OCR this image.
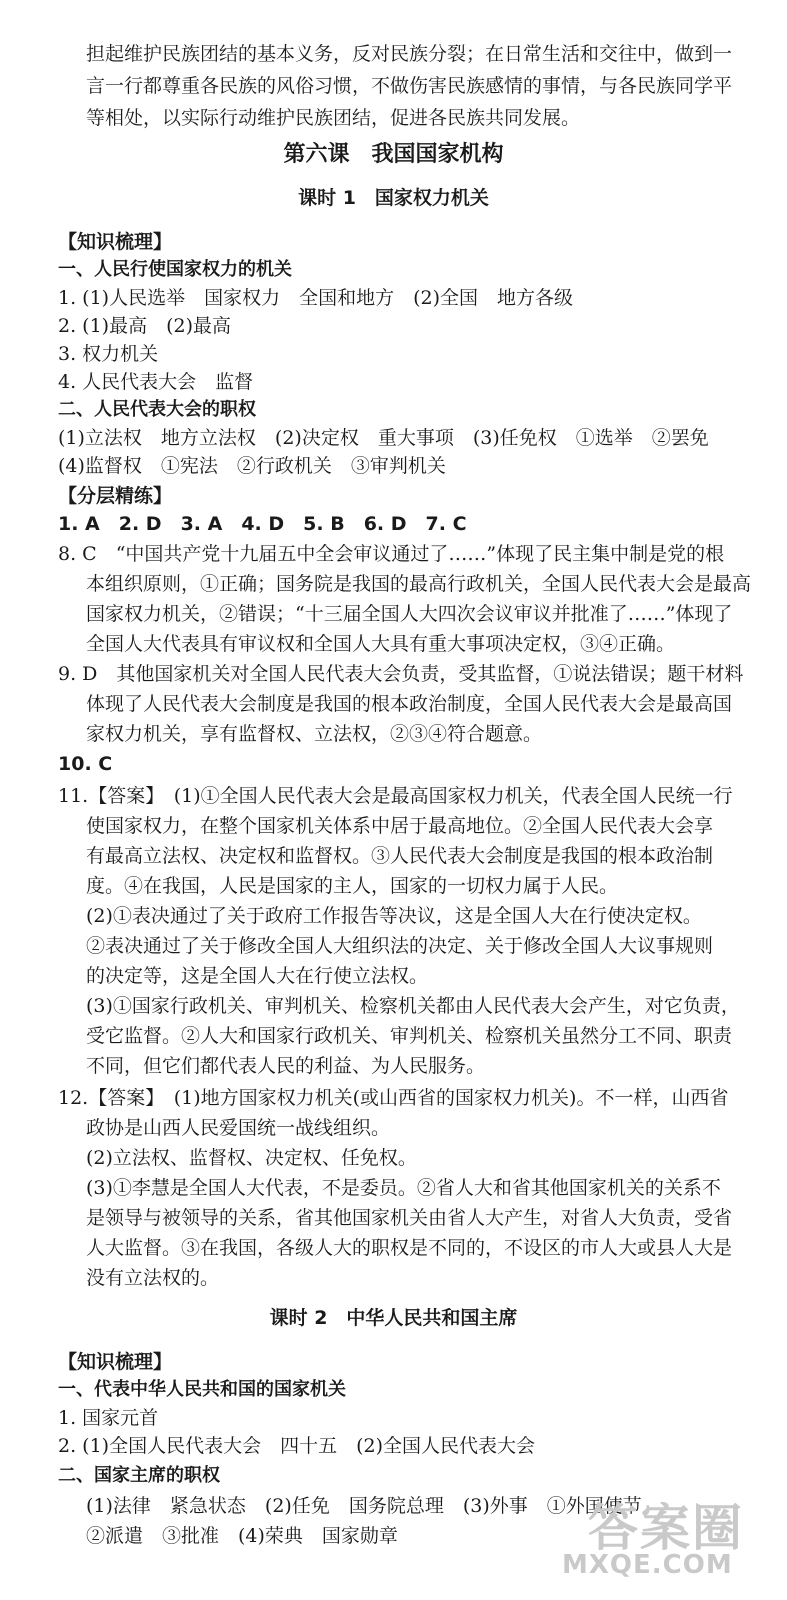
担起维护民族团结的基本义务，反对民族分裂；在日常生活和交往中，做到一
言一行都尊重各民族的风俗习惯，不做伤害民族感情的事情，与各民族同学平
等相处，以实际行动维护民族团结，促进各民族共同发展。
第六课　我国国家机构
课时 1　国家权力机关
【知识梳理】
一、人民行使国家权力的机关
1. (1)人民选举　国家权力　全国和地方　(2)全国　地方各级
2. (1)最高　(2)最高
3. 权力机关
4. 人民代表大会　监督
二、人民代表大会的职权
(1)立法权　地方立法权　(2)决定权　重大事项　(3)任免权　①选举　②罢免
(4)监督权　①宪法　②行政机关　③审判机关
【分层精练】
1. A　2. D　3. A　4. D　5. B　6. D　7. C
8. C　“中国共产党十九届五中全会审议通过了……”体现了民主集中制是党的根
本组织原则，①正确；国务院是我国的最高行政机关，全国人民代表大会是最高
国家权力机关，②错误；“十三届全国人大四次会议审议并批准了……”体现了
全国人大代表具有审议权和全国人大具有重大事项决定权，③④正确。
9. D　其他国家机关对全国人民代表大会负责，受其监督，①说法错误；题干材料
体现了人民代表大会制度是我国的根本政治制度，全国人民代表大会是最高国
家权力机关，享有监督权、立法权，②③④符合题意。
10. C
11.【答案】　(1)①全国人民代表大会是最高国家权力机关，代表全国人民统一行
使国家权力，在整个国家机关体系中居于最高地位。②全国人民代表大会享
有最高立法权、决定权和监督权。③人民代表大会制度是我国的根本政治制
度。④在我国，人民是国家的主人，国家的一切权力属于人民。
(2)①表决通过了关于政府工作报告等决议，这是全国人大在行使决定权。
②表决通过了关于修改全国人大组织法的决定、关于修改全国人大议事规则
的决定等，这是全国人大在行使立法权。
(3)①国家行政机关、审判机关、检察机关都由人民代表大会产生，对它负责，
受它监督。②人大和国家行政机关、审判机关、检察机关虽然分工不同、职责
不同，但它们都代表人民的利益、为人民服务。
12.【答案】　(1)地方国家权力机关(或山西省的国家权力机关)。不一样，山西省
政协是山西人民爱国统一战线组织。
(2)立法权、监督权、决定权、任免权。
(3)①李慧是全国人大代表，不是委员。②省人大和省其他国家机关的关系不
是领导与被领导的关系，省其他国家机关由省人大产生，对省人大负责，受省
人大监督。③在我国，各级人大的职权是不同的，不设区的市人大或县人大是
没有立法权的。
课时 2　中华人民共和国主席
【知识梳理】
一、代表中华人民共和国的国家机关
1. 国家元首
2. (1)全国人民代表大会　四十五　(2)全国人民代表大会
二、国家主席的职权
(1)法律　紧急状态　(2)任免　国务院总理　(3)外事　①外国使节
②派遣　③批准　(4)荣典　国家勋章	答案圈
MXQE.COM
